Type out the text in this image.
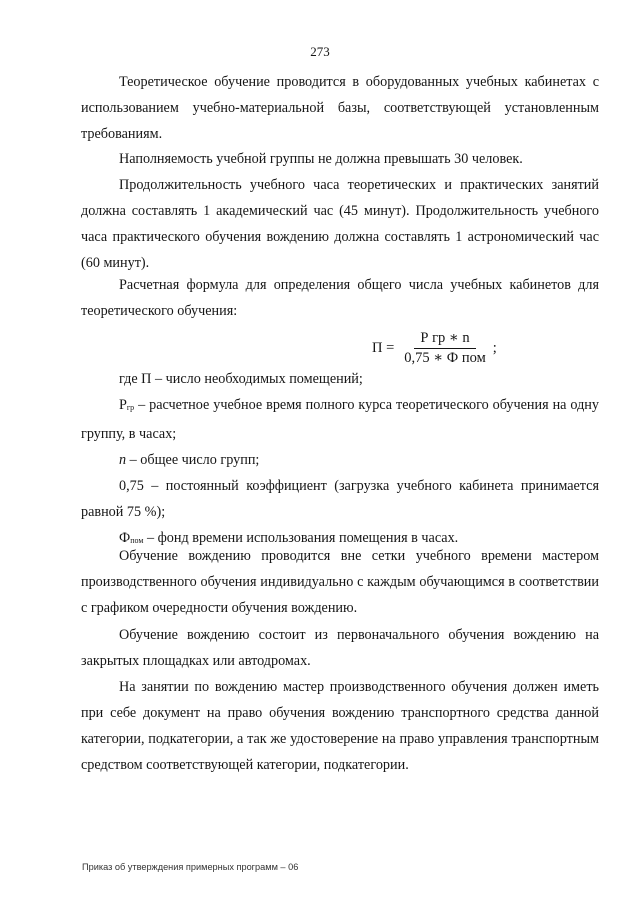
273

Теоретическое обучение проводится в оборудованных учебных кабинетах с использованием учебно-материальной базы, соответствующей установленным требованиям.

Наполняемость учебной группы не должна превышать 30 человек.

Продолжительность учебного часа теоретических и практических занятий должна составлять 1 академический час (45 минут). Продолжительность учебного часа практического обучения вождению должна составлять 1 астрономический час (60 минут).

Расчетная формула для определения общего числа учебных кабинетов для теоретического обучения:

$П = \frac{\text{Р гр ∗ n}}{\text{0,75 ∗ Ф пом}}$ ;

где П – число необходимых помещений;

$Р_{гр}$ – расчетное учебное время полного курса теоретического обучения на одну группу, в часах;

n – общее число групп;

0,75 – постоянный коэффициент (загрузка учебного кабинета принимается равной 75 %);

$Ф_{пом}$ – фонд времени использования помещения в часах.

Обучение вождению проводится вне сетки учебного времени мастером производственного обучения индивидуально с каждым обучающимся в соответствии с графиком очередности обучения вождению.

Обучение вождению состоит из первоначального обучения вождению на закрытых площадках или автодромах.

На занятии по вождению мастер производственного обучения должен иметь при себе документ на право обучения вождению транспортного средства данной категории, подкатегории, а так же удостоверение на право управления транспортным средством соответствующей категории, подкатегории.

Приказ об утверждения примерных программ – 06
